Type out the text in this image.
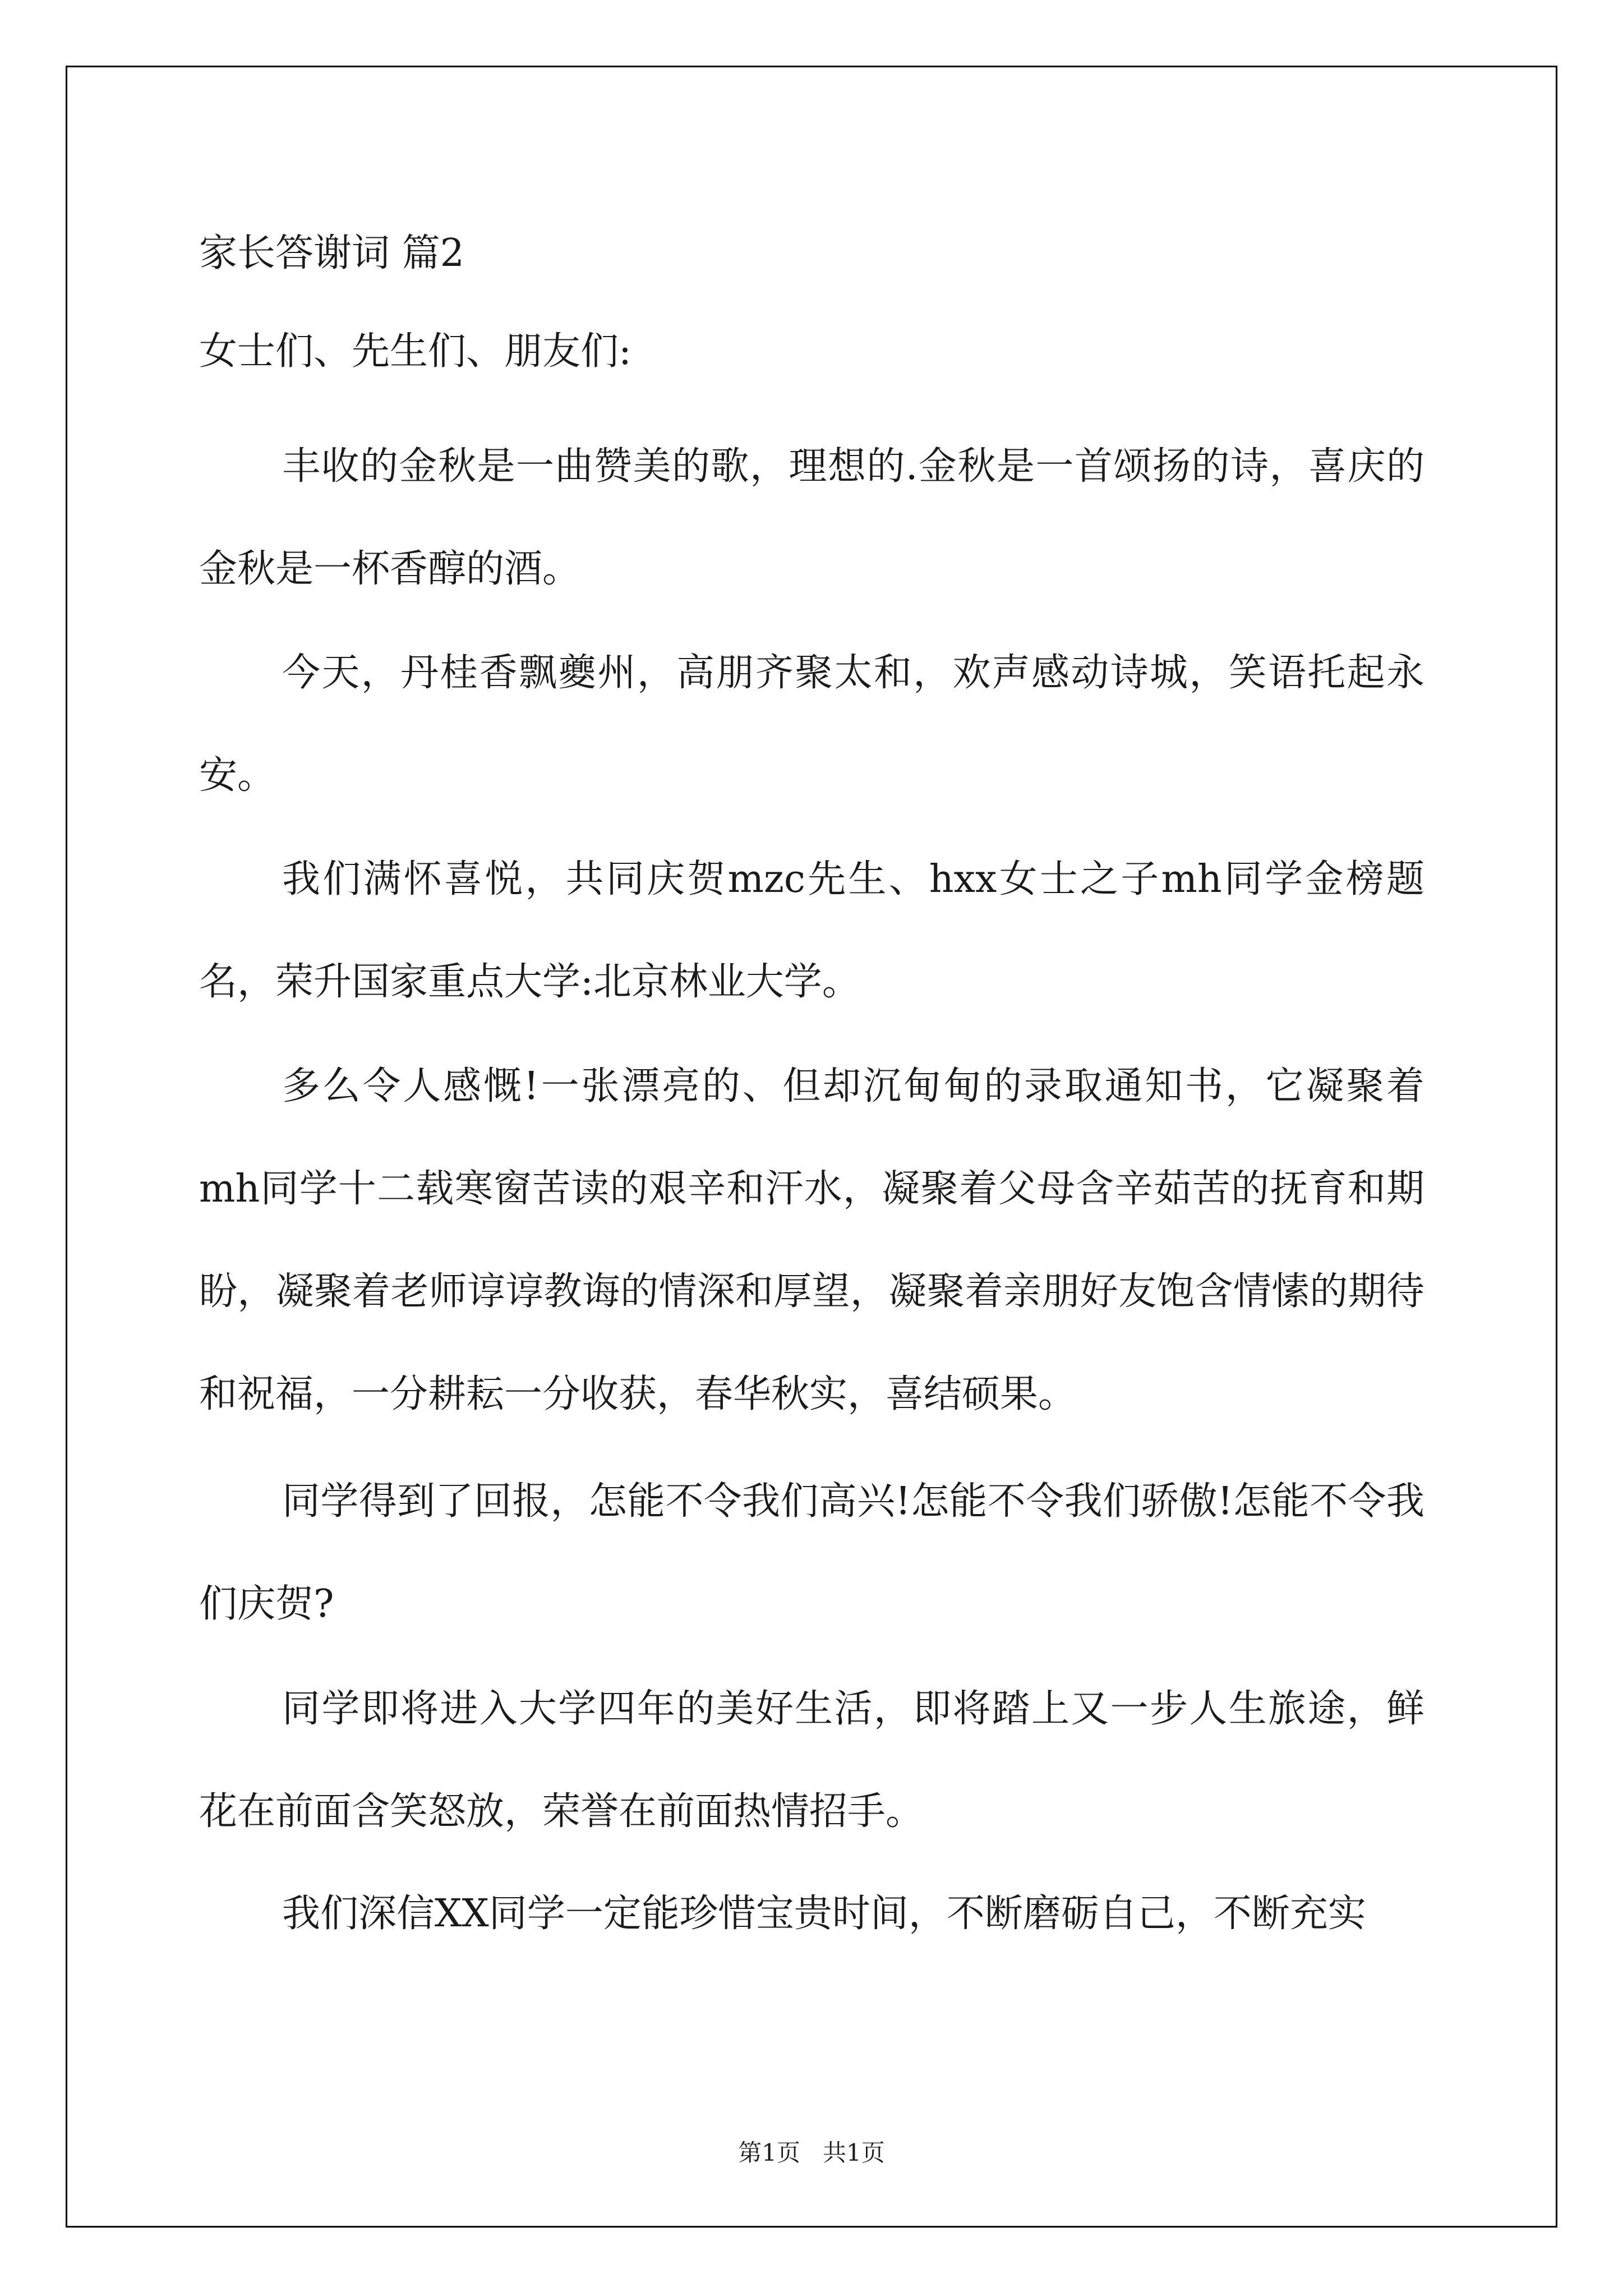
家长答谢词 篇2
女士们、先生们、朋友们:
丰收的金秋是一曲赞美的歌，理想的.金秋是一首颂扬的诗，喜庆的金秋是一杯香醇的酒。
今天，丹桂香飘夔州，高朋齐聚太和，欢声感动诗城，笑语托起永安。
我们满怀喜悦，共同庆贺mzc先生、hxx女士之子mh同学金榜题名，荣升国家重点大学:北京林业大学。
多么令人感慨!一张漂亮的、但却沉甸甸的录取通知书，它凝聚着mh同学十二载寒窗苦读的艰辛和汗水，凝聚着父母含辛茹苦的抚育和期盼，凝聚着老师谆谆教诲的情深和厚望，凝聚着亲朋好友饱含情愫的期待和祝福，一分耕耘一分收获，春华秋实，喜结硕果。
同学得到了回报，怎能不令我们高兴!怎能不令我们骄傲!怎能不令我们庆贺?
同学即将进入大学四年的美好生活，即将踏上又一步人生旅途，鲜花在前面含笑怒放，荣誉在前面热情招手。
我们深信XX同学一定能珍惜宝贵时间，不断磨砺自己，不断充实
第1页   共1页
